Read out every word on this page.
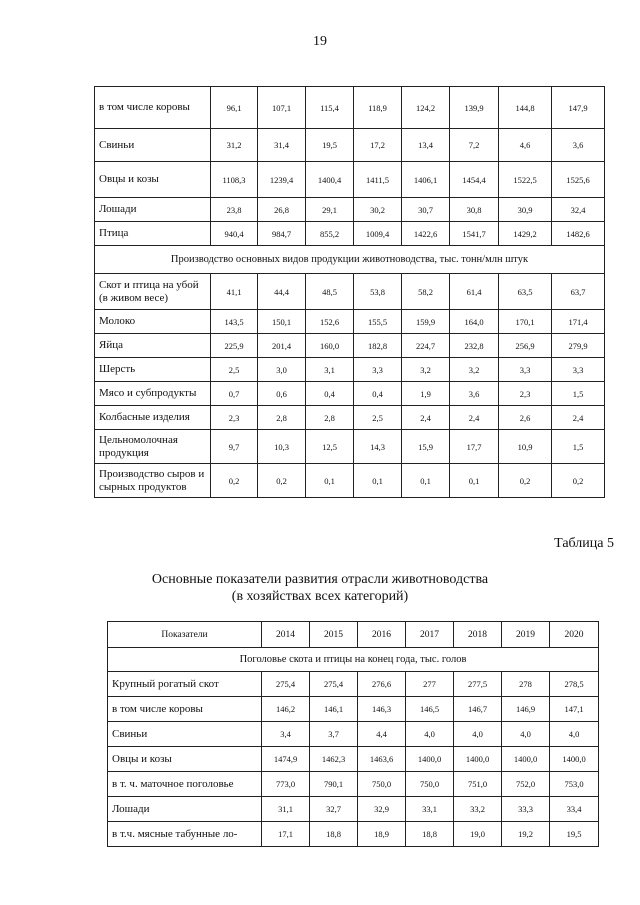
19
в том числе коровы	96,1	107,1	115,4	118,9	124,2	139,9	144,8	147,9
Свиньи	31,2	31,4	19,5	17,2	13,4	7,2	4,6	3,6
Овцы и козы	1108,3	1239,4	1400,4	1411,5	1406,1	1454,4	1522,5	1525,6
Лошади	23,8	26,8	29,1	30,2	30,7	30,8	30,9	32,4
Птица	940,4	984,7	855,2	1009,4	1422,6	1541,7	1429,2	1482,6
Производство основных видов продукции животноводства, тыс. тонн/млн штук								
Скот и птица на убой (в живом весе)	41,1	44,4	48,5	53,8	58,2	61,4	63,5	63,7
Молоко	143,5	150,1	152,6	155,5	159,9	164,0	170,1	171,4
Яйца	225,9	201,4	160,0	182,8	224,7	232,8	256,9	279,9
Шерсть	2,5	3,0	3,1	3,3	3,2	3,2	3,3	3,3
Мясо и субпродукты	0,7	0,6	0,4	0,4	1,9	3,6	2,3	1,5
Колбасные изделия	2,3	2,8	2,8	2,5	2,4	2,4	2,6	2,4
Цельномолочная продукция	9,7	10,3	12,5	14,3	15,9	17,7	10,9	1,5
Производство сыров и сырных продуктов	0,2	0,2	0,1	0,1	0,1	0,1	0,2	0,2
Таблица 5
Основные показатели развития отрасли животноводства
(в хозяйствах всех категорий)
Показатели	2014	2015	2016	2017	2018	2019	2020
Поголовье скота и птицы на конец года, тыс. голов							
Крупный рогатый скот	275,4	275,4	276,6	277	277,5	278	278,5
в том числе коровы	146,2	146,1	146,3	146,5	146,7	146,9	147,1
Свиньи	3,4	3,7	4,4	4,0	4,0	4,0	4,0
Овцы и козы	1474,9	1462,3	1463,6	1400,0	1400,0	1400,0	1400,0
в т. ч. маточное поголовье	773,0	790,1	750,0	750,0	751,0	752,0	753,0
Лошади	31,1	32,7	32,9	33,1	33,2	33,3	33,4
в т.ч. мясные табунные ло-	17,1	18,8	18,9	18,8	19,0	19,2	19,5
